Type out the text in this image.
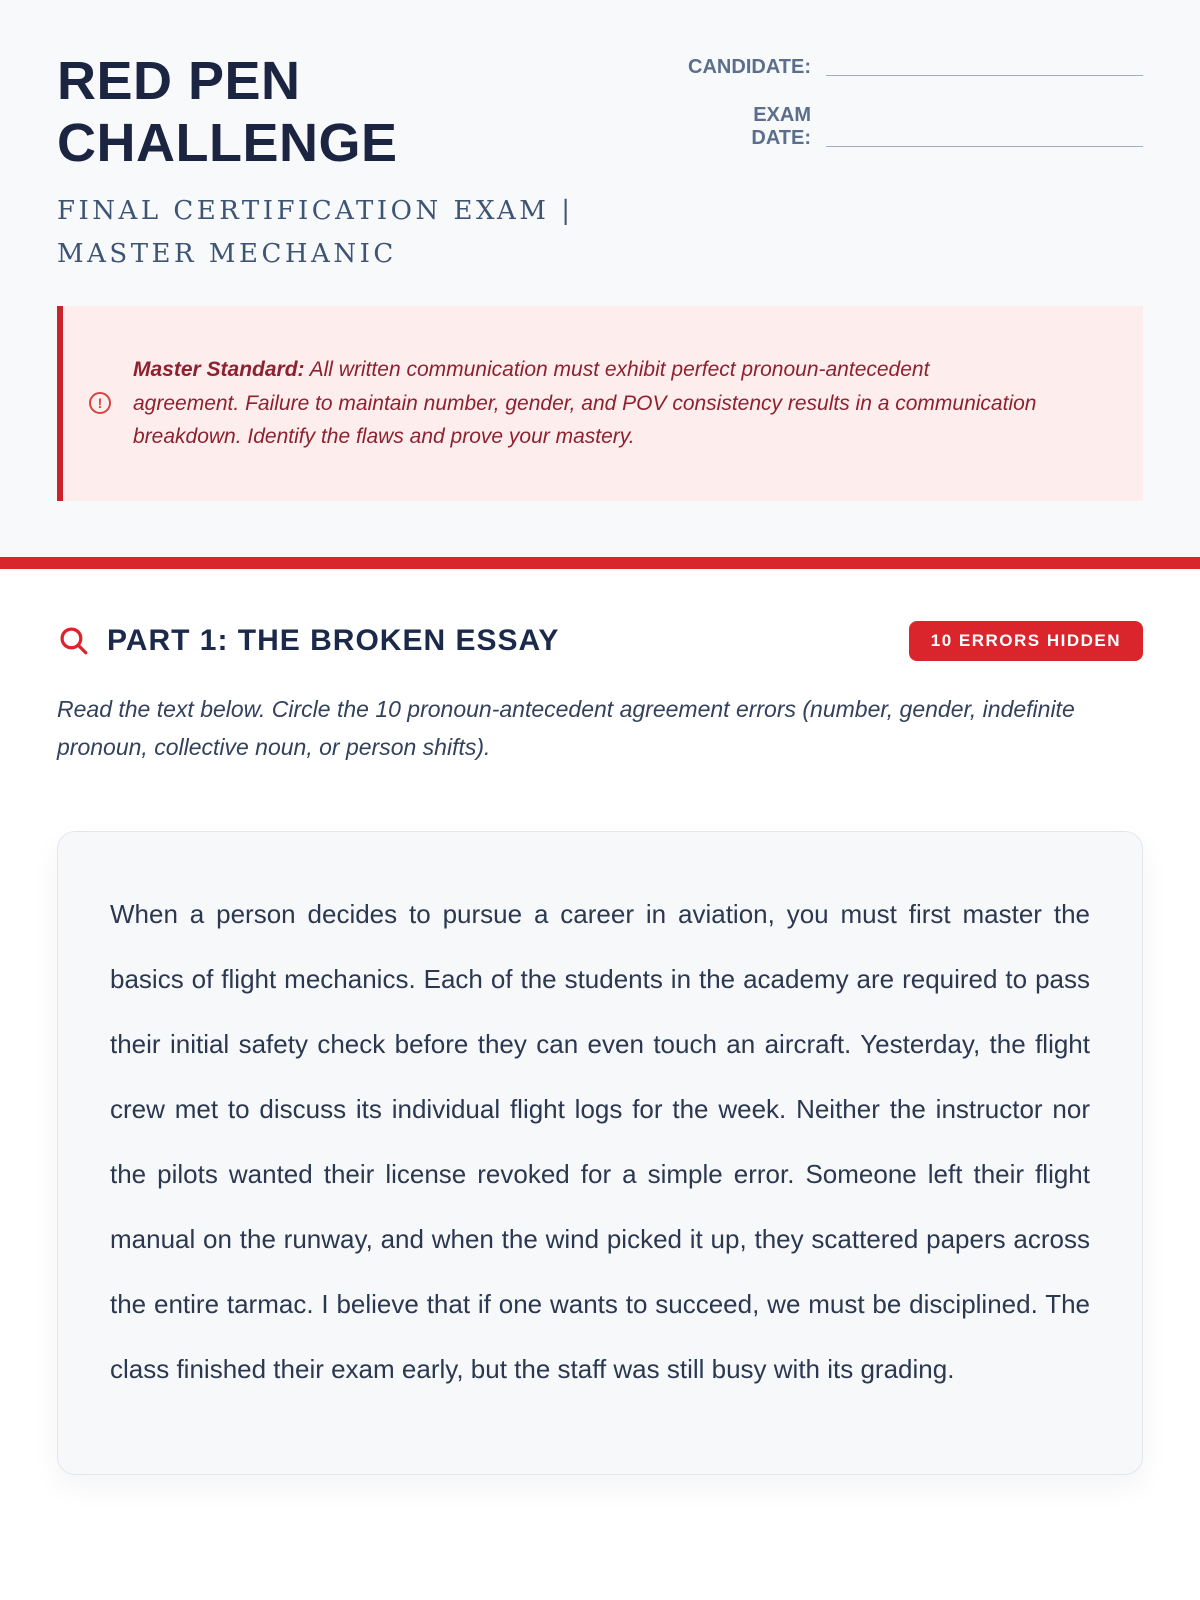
RED PEN
CHALLENGE
FINAL CERTIFICATION EXAM | MASTER MECHANIC
CANDIDATE:
EXAM DATE:
!

Master Standard: All written communication must exhibit perfect pronoun-antecedent agreement. Failure to maintain number, gender, and POV consistency results in a communication breakdown. Identify the flaws and prove your mastery.

PART 1: THE BROKEN ESSAY	10 ERRORS HIDDEN

Read the text below. Circle the 10 pronoun-antecedent agreement errors (number, gender, indefinite pronoun, collective noun, or person shifts).

When a person decides to pursue a career in aviation, you must first master the basics of flight mechanics. Each of the students in the academy are required to pass their initial safety check before they can even touch an aircraft. Yesterday, the flight crew met to discuss its individual flight logs for the week. Neither the instructor nor the pilots wanted their license revoked for a simple error. Someone left their flight manual on the runway, and when the wind picked it up, they scattered papers across the entire tarmac. I believe that if one wants to succeed, we must be disciplined. The class finished their exam early, but the staff was still busy with its grading.
